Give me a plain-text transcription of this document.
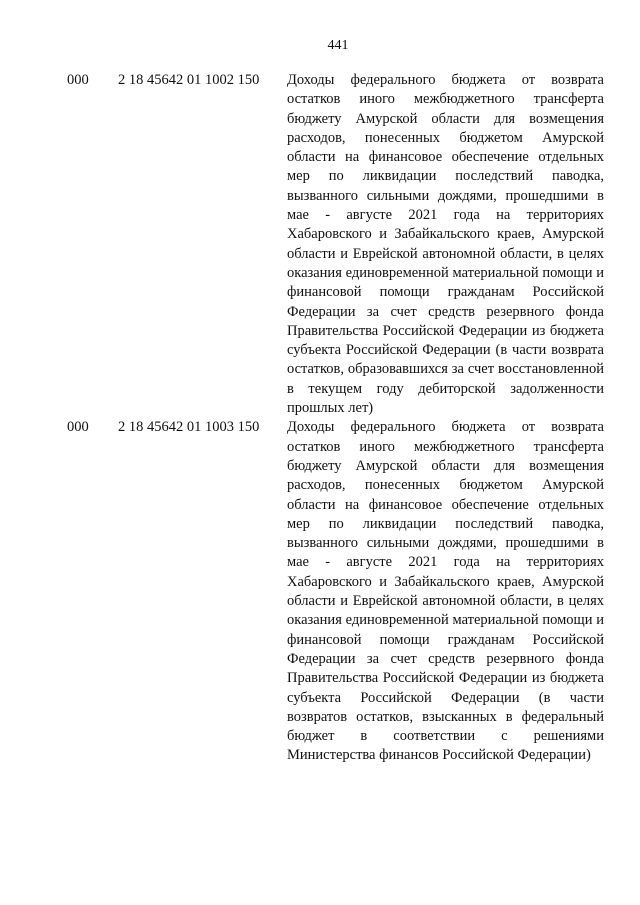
441
000 2 18 45642 01 1002 150 Доходы федерального бюджета от возврата остатков иного межбюджетного трансферта бюджету Амурской области для возмещения расходов, понесенных бюджетом Амурской области на финансовое обеспечение отдельных мер по ликвидации последствий паводка, вызванного сильными дождями, прошедшими в мае - августе 2021 года на территориях Хабаровского и Забайкальского краев, Амурской области и Еврейской автономной области, в целях оказания единовременной материальной помощи и финансовой помощи гражданам Российской Федерации за счет средств резервного фонда Правительства Российской Федерации из бюджета субъекта Российской Федерации (в части возврата остатков, образовавшихся за счет восстановленной в текущем году дебиторской задолженности прошлых лет)
000 2 18 45642 01 1003 150 Доходы федерального бюджета от возврата остатков иного межбюджетного трансферта бюджету Амурской области для возмещения расходов, понесенных бюджетом Амурской области на финансовое обеспечение отдельных мер по ликвидации последствий паводка, вызванного сильными дождями, прошедшими в мае - августе 2021 года на территориях Хабаровского и Забайкальского краев, Амурской области и Еврейской автономной области, в целях оказания единовременной материальной помощи и финансовой помощи гражданам Российской Федерации за счет средств резервного фонда Правительства Российской Федерации из бюджета субъекта Российской Федерации (в части возвратов остатков, взысканных в федеральный бюджет в соответствии с решениями Министерства финансов Российской Федерации)
